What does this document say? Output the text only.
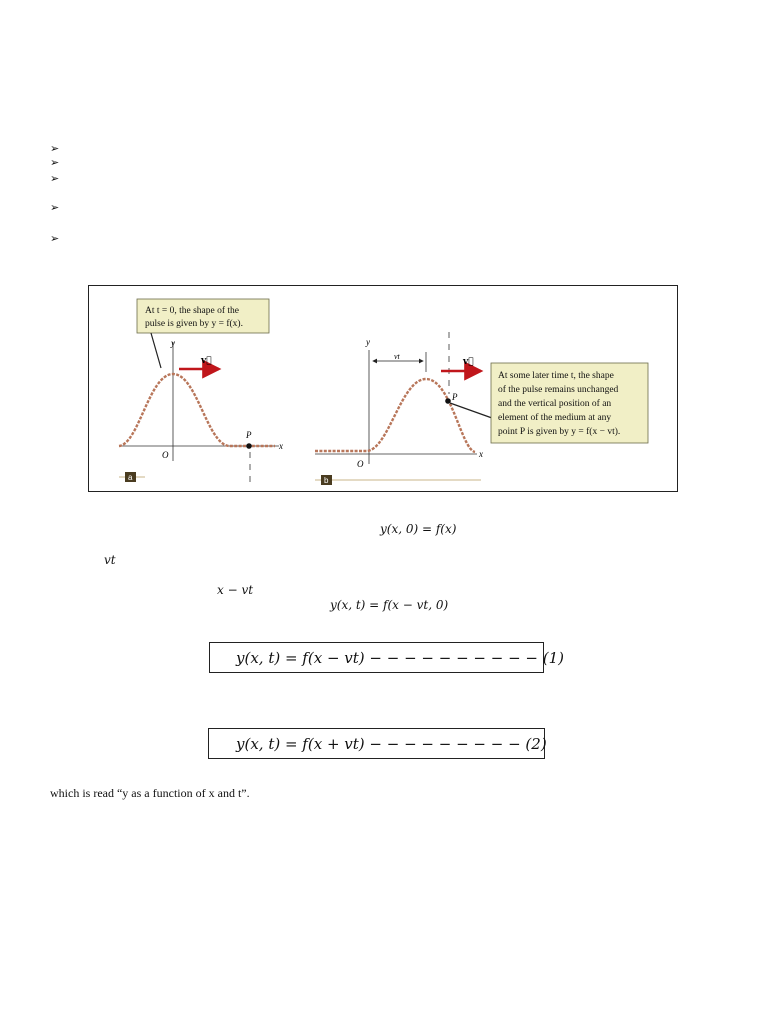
➢
➢
➢
➢
➢
At t = 0, the shape of the
pulse is given by y = f(x).
y
x
O
v⃗
P
a
y
x
O
vt
v⃗
P
At some later time t, the shape
of the pulse remains unchanged
and the vertical position of an
element of the medium at any
point P is given by y = f(x − vt).
b
y(x, 0) = f(x)
vt
x − vt
y(x, t) = f(x − vt, 0)
y(x, t) = f(x − vt) − − − − − − − − − − (1)
y(x, t) = f(x + vt) − − − − − − − − − (2)
which is read “y as a function of x and t”.
